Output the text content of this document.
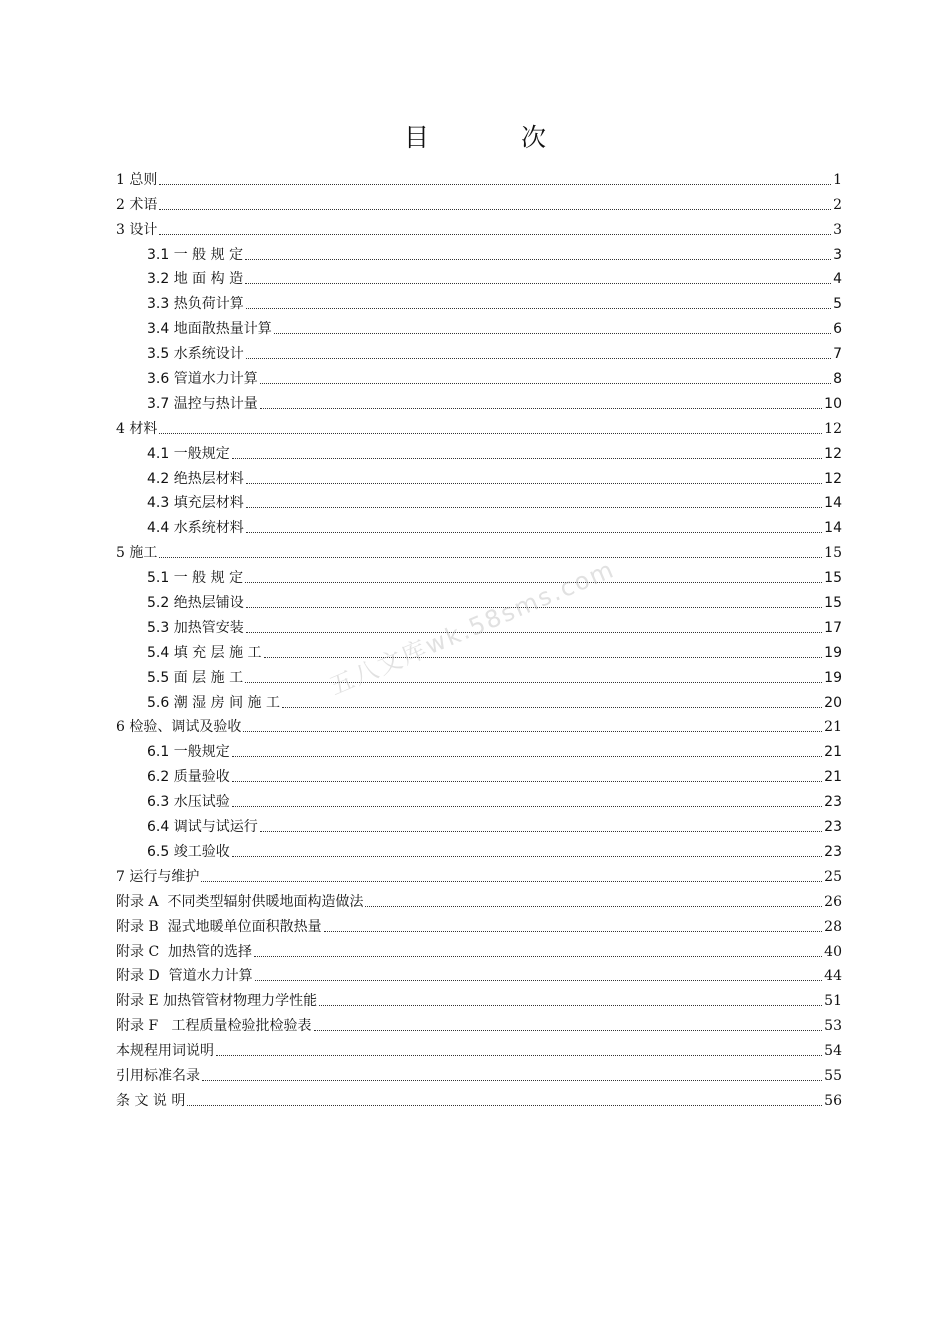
目 次
1 总则	1
2 术语	2
3 设计	3
3.1 一 般 规 定	3
3.2 地 面 构 造	4
3.3 热负荷计算	5
3.4 地面散热量计算	6
3.5 水系统设计	7
3.6 管道水力计算	8
3.7 温控与热计量	10
4 材料	12
4.1 一般规定	12
4.2 绝热层材料	12
4.3 填充层材料	14
4.4 水系统材料	14
5 施工	15
5.1 一 般 规 定	15
5.2 绝热层铺设	15
5.3 加热管安装	17
5.4 填 充 层 施 工	19
5.5 面 层 施 工	19
5.6 潮 湿 房 间 施 工	20
6 检验、调试及验收	21
6.1 一般规定	21
6.2 质量验收	21
6.3 水压试验	23
6.4 调试与试运行	23
6.5 竣工验收	23
7 运行与维护	25
附录 A  不同类型辐射供暖地面构造做法	26
附录 B  湿式地暖单位面积散热量	28
附录 C  加热管的选择	40
附录 D  管道水力计算	44
附录 E 加热管管材物理力学性能	51
附录 F   工程质量检验批检验表	53
本规程用词说明	54
引用标准名录	55
条 文 说 明	56
五八文库wk.58sms.com
